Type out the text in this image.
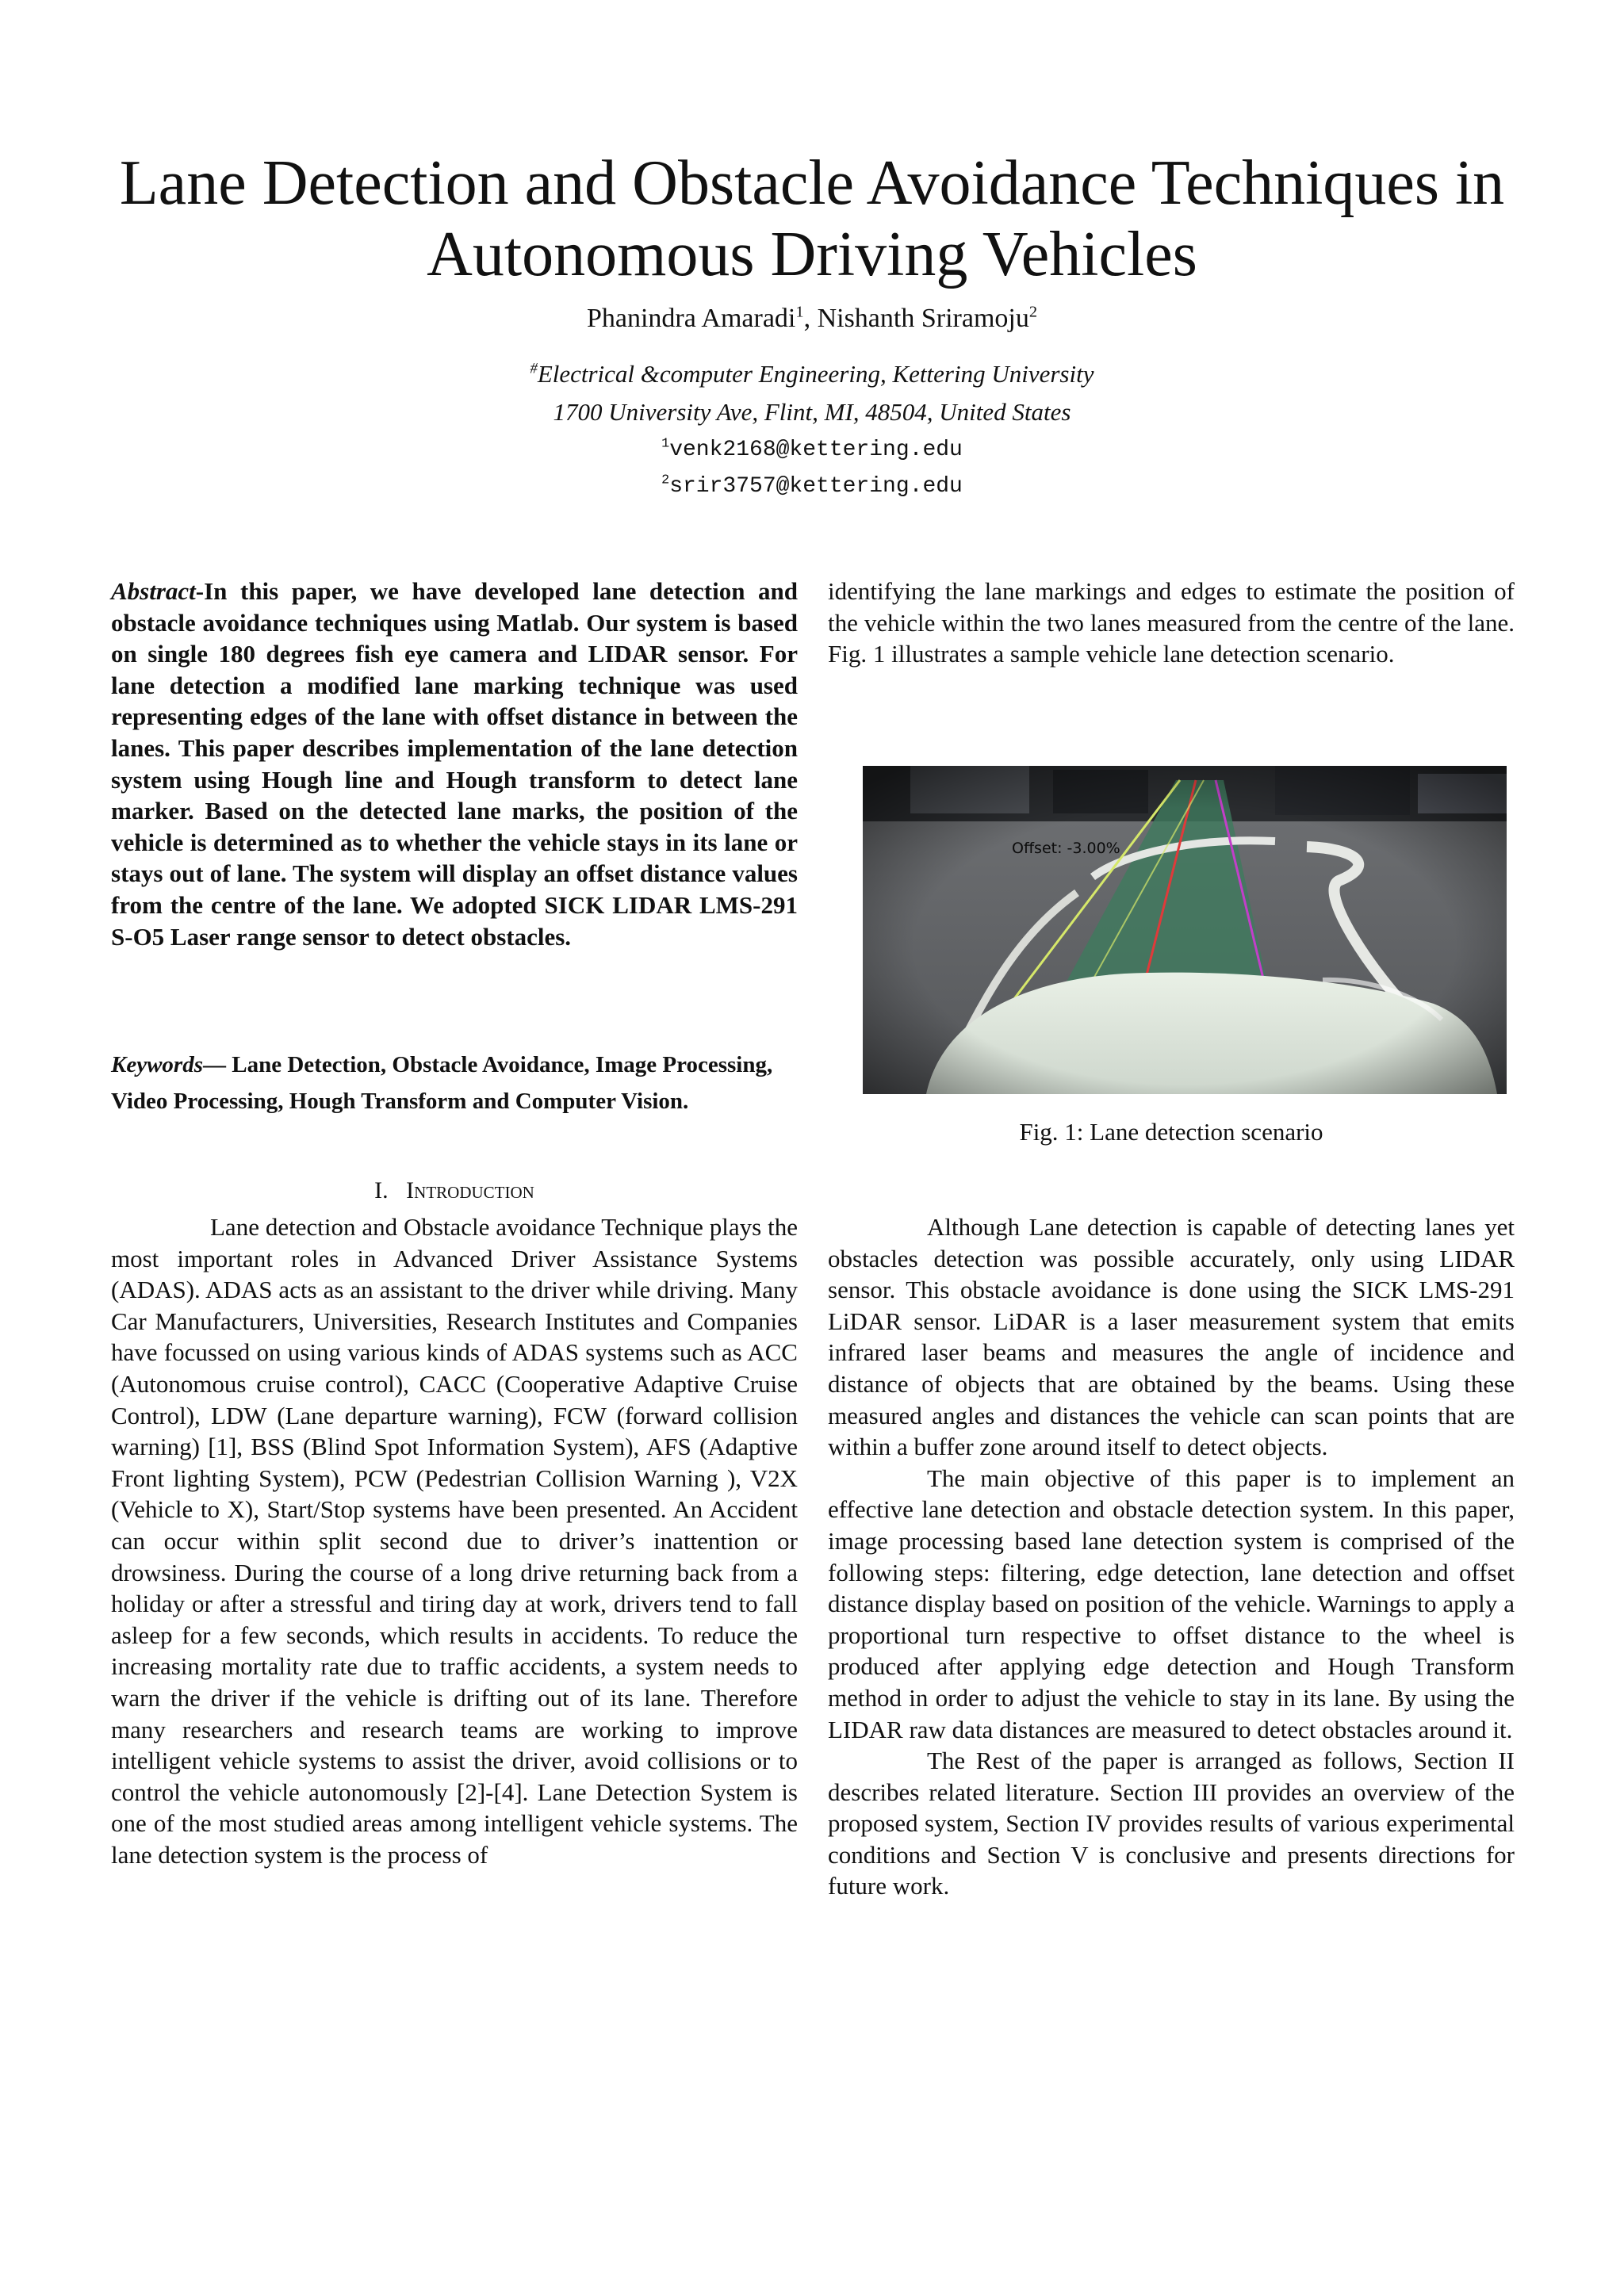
Lane Detection and Obstacle Avoidance Techniques in
Autonomous Driving Vehicles
Phanindra Amaradi$^1$, Nishanth Sriramoju$^2$
#Electrical &computer Engineering, Kettering University
1700 University Ave, Flint, MI, 48504, United States
$^1$venk2168@kettering.edu
$^2$srir3757@kettering.edu

Abstract-In this paper, we have developed lane detection and obstacle avoidance techniques using Matlab. Our system is based on single 180 degrees fish eye camera and LIDAR sensor. For lane detection a modified lane marking technique was used representing edges of the lane with offset distance in between the lanes. This paper describes implementation of the lane detection system using Hough line and Hough transform to detect lane marker. Based on the detected lane marks, the position of the vehicle is determined as to whether the vehicle stays in its lane or stays out of lane. The system will display an offset distance values from the centre of the lane. We adopted SICK LIDAR LMS-291 S-O5 Laser range sensor to detect obstacles.

Keywords— Lane Detection, Obstacle Avoidance, Image Processing, Video Processing, Hough Transform and Computer Vision.

I. Introduction

Lane detection and Obstacle avoidance Technique plays the most important roles in Advanced Driver Assistance Systems (ADAS). ADAS acts as an assistant to the driver while driving. Many Car Manufacturers, Universities, Research Institutes and Companies have focussed on using various kinds of ADAS systems such as ACC (Autonomous cruise control), CACC (Cooperative Adaptive Cruise Control), LDW (Lane departure warning), FCW (forward collision warning) [1], BSS (Blind Spot Information System), AFS (Adaptive Front lighting System), PCW (Pedestrian Collision Warning ), V2X (Vehicle to X), Start/Stop systems have been presented. An Accident can occur within split second due to driver’s inattention or drowsiness. During the course of a long drive returning back from a holiday or after a stressful and tiring day at work, drivers tend to fall asleep for a few seconds, which results in accidents. To reduce the increasing mortality rate due to traffic accidents, a system needs to warn the driver if the vehicle is drifting out of its lane. Therefore many researchers and research teams are working to improve intelligent vehicle systems to assist the driver, avoid collisions or to control the vehicle autonomously [2]-[4]. Lane Detection System is one of the most studied areas among intelligent vehicle systems. The lane detection system is the process of

identifying the lane markings and edges to estimate the position of the vehicle within the two lanes measured from the centre of the lane. Fig. 1 illustrates a sample vehicle lane detection scenario.

Fig. 1: Lane detection scenario

Although Lane detection is capable of detecting lanes yet obstacles detection was possible accurately, only using LIDAR sensor. This obstacle avoidance is done using the SICK LMS-291 LiDAR sensor. LiDAR is a laser measurement system that emits infrared laser beams and measures the angle of incidence and distance of objects that are obtained by the beams. Using these measured angles and distances the vehicle can scan points that are within a buffer zone around itself to detect objects.

The main objective of this paper is to implement an effective lane detection and obstacle detection system. In this paper, image processing based lane detection system is comprised of the following steps: filtering, edge detection, lane detection and offset distance display based on position of the vehicle. Warnings to apply a proportional turn respective to offset distance to the wheel is produced after applying edge detection and Hough Transform method in order to adjust the vehicle to stay in its lane. By using the LIDAR raw data distances are measured to detect obstacles around it.

The Rest of the paper is arranged as follows, Section II describes related literature. Section III provides an overview of the proposed system, Section IV provides results of various experimental conditions and Section V is conclusive and presents directions for future work.
